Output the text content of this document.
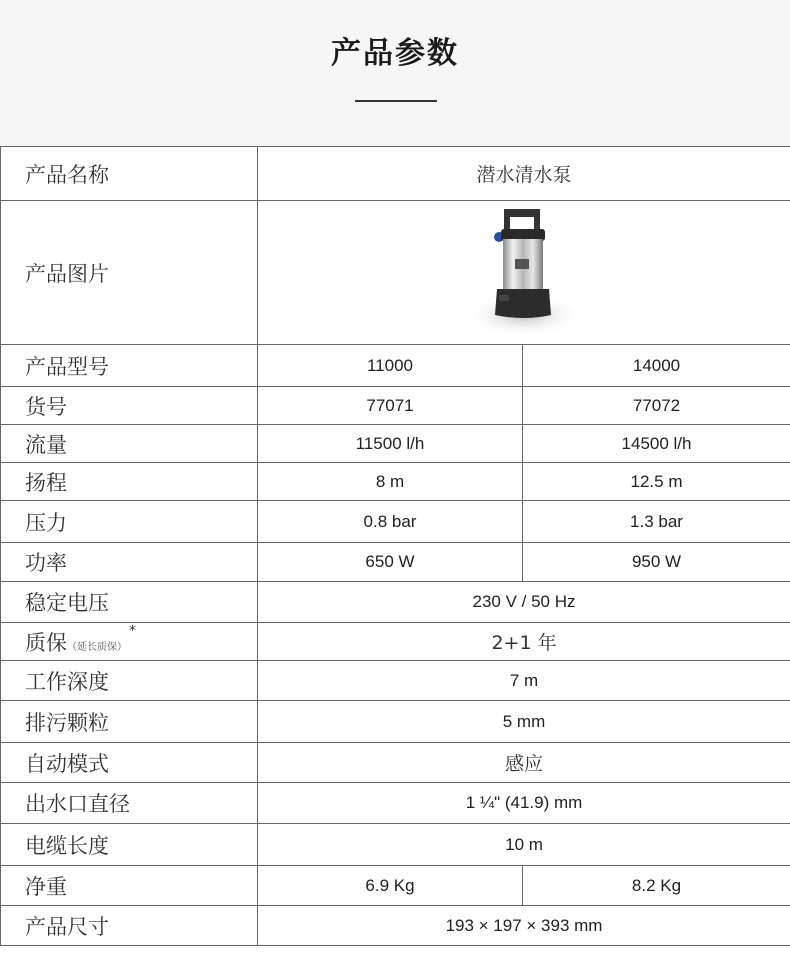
产品参数
产品名称	潜水清水泵	
产品图片	

产品型号	11000	14000
货号	77071	77072
流量	11500 l/h	14500 l/h
扬程	8 m	12.5 m
压力	0.8 bar	1.3 bar
功率	650 W	950 W
稳定电压	230 V / 50 Hz	
质保（延长质保）*	2+1 年	
工作深度	7 m	
排污颗粒	5 mm	
自动模式	感应	
出水口直径	1 ¼" (41.9) mm	
电缆长度	10 m	
净重	6.9 Kg	8.2 Kg
产品尺寸	193 × 197 × 393 mm	
